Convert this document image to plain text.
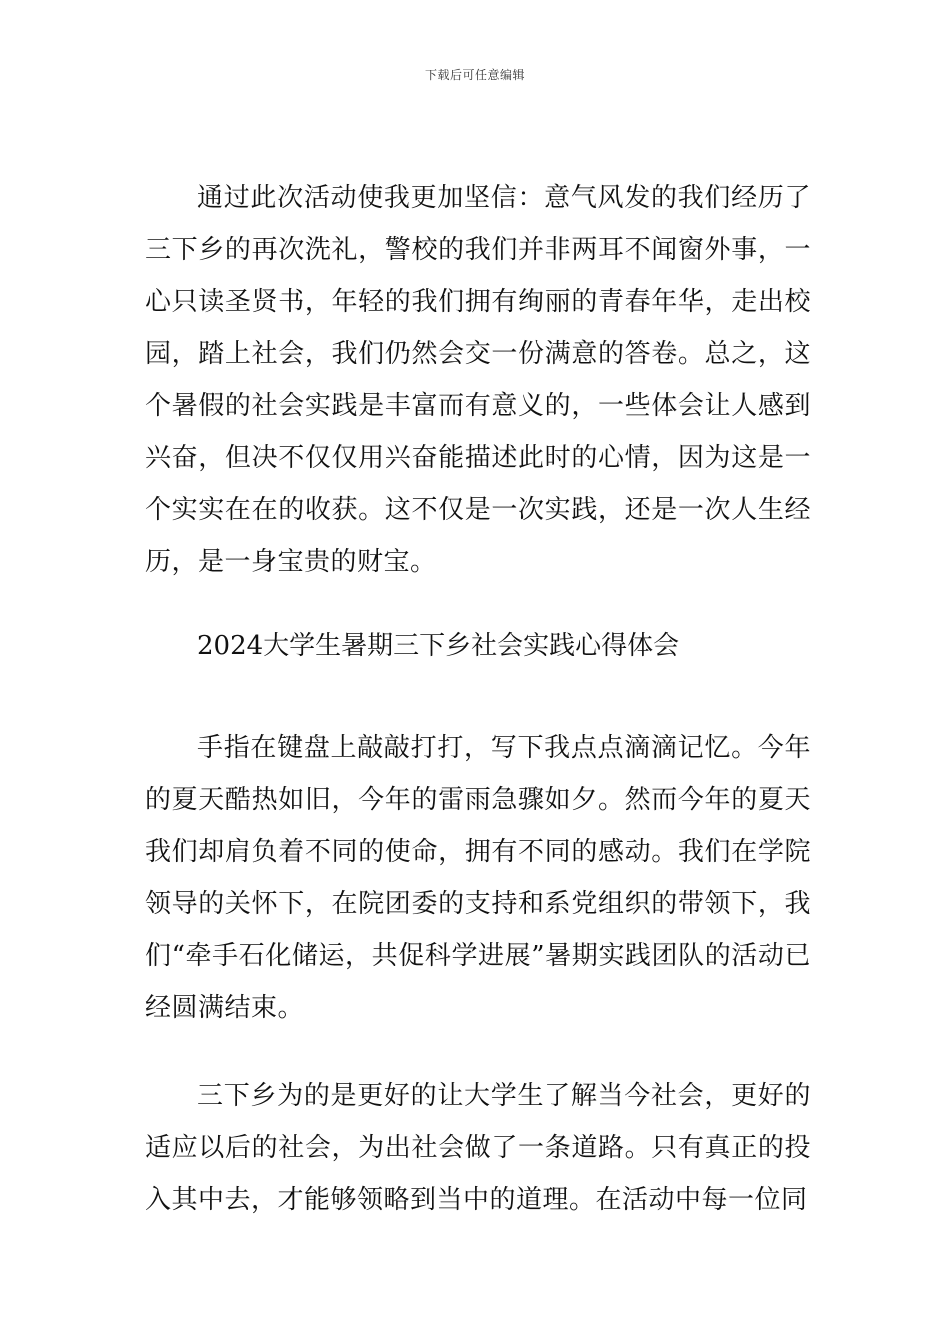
下载后可任意编辑

通过此次活动使我更加坚信：意气风发的我们经历了三下乡的再次洗礼，警校的我们并非两耳不闻窗外事，一心只读圣贤书，年轻的我们拥有绚丽的青春年华，走出校园，踏上社会，我们仍然会交一份满意的答卷。总之，这个暑假的社会实践是丰富而有意义的，一些体会让人感到兴奋，但决不仅仅用兴奋能描述此时的心情，因为这是一个实实在在的收获。这不仅是一次实践，还是一次人生经历，是一身宝贵的财宝。

2024大学生暑期三下乡社会实践心得体会

手指在键盘上敲敲打打，写下我点点滴滴记忆。今年的夏天酷热如旧，今年的雷雨急骤如夕。然而今年的夏天我们却肩负着不同的使命，拥有不同的感动。我们在学院领导的关怀下，在院团委的支持和系党组织的带领下，我们“牵手石化储运，共促科学进展”暑期实践团队的活动已经圆满结束。

三下乡为的是更好的让大学生了解当今社会，更好的适应以后的社会，为出社会做了一条道路。只有真正的投入其中去，才能够领略到当中的道理。在活动中每一位同
